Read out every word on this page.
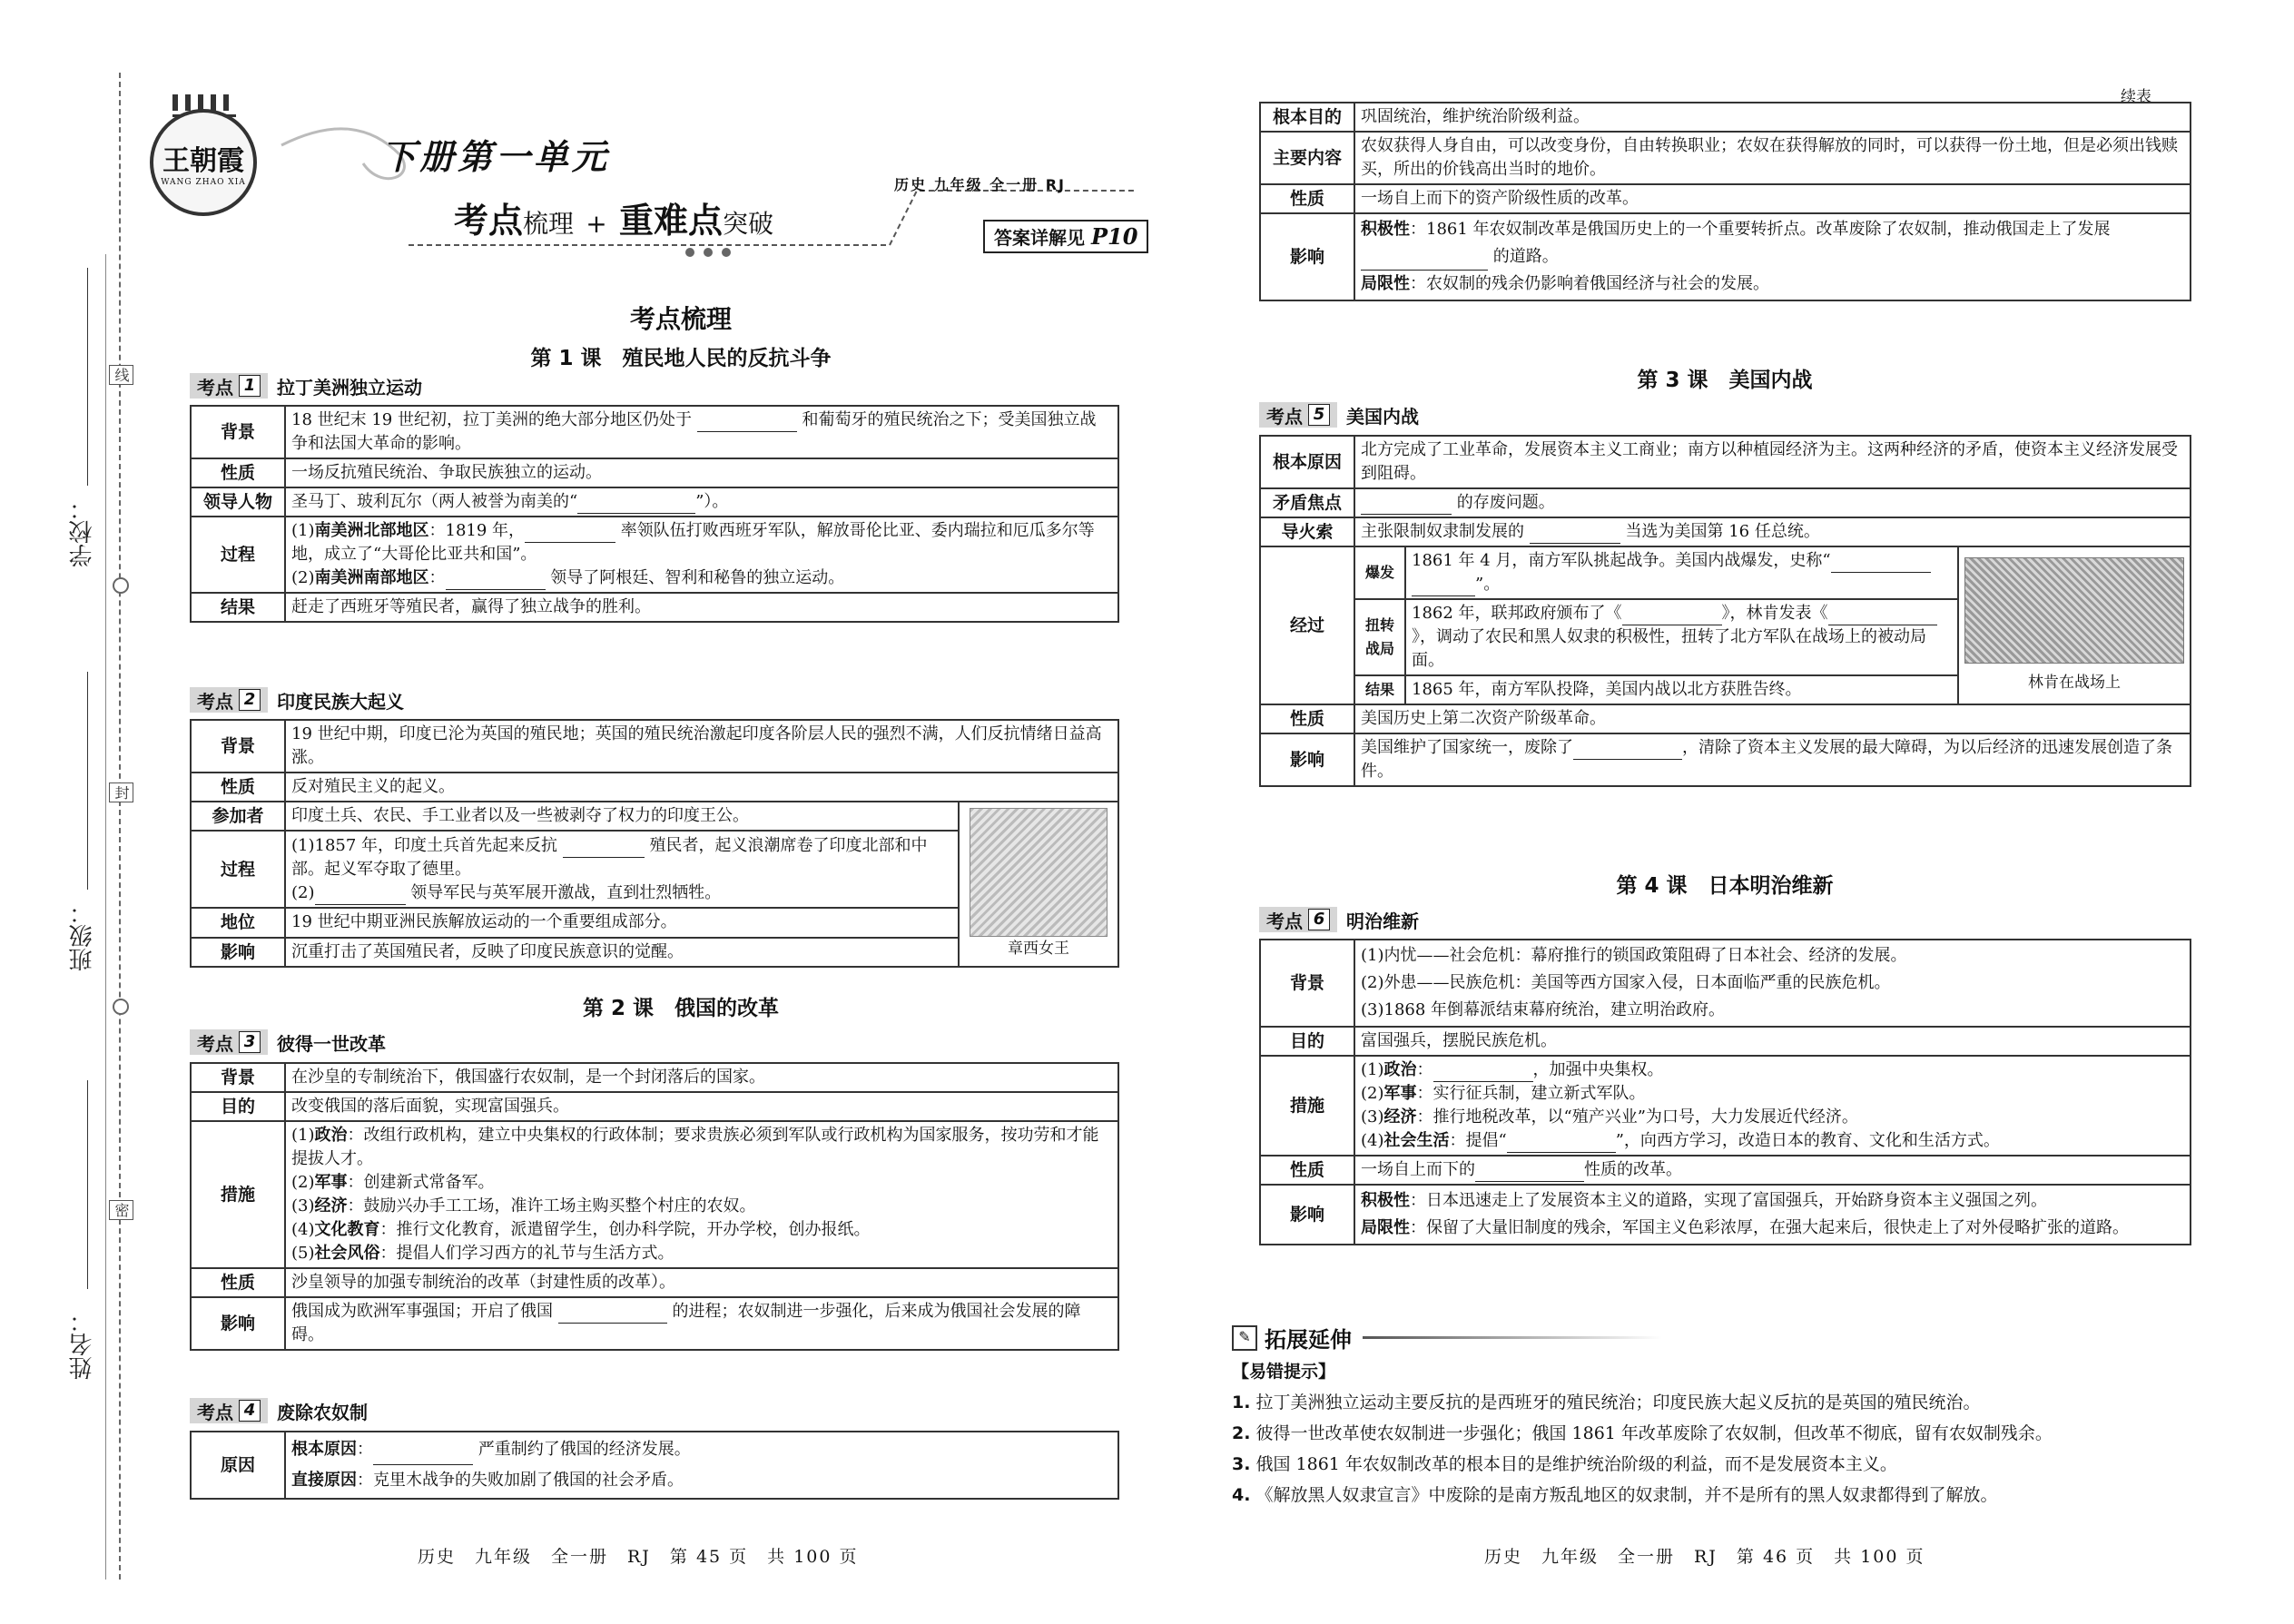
线
封
密
学校：
班级：
姓名：
王朝霞
WANG ZHAO XIA
下册第一单元
考点梳理 + 重难点突破
历史 九年级 全一册 RJ
答案详解见 P10
考点梳理
第 1 课　殖民地人民的反抗斗争
考点 1 拉丁美洲独立运动
背景	18 世纪末 19 世纪初，拉丁美洲的绝大部分地区仍处于 和葡萄牙的殖民统治之下；受美国独立战争和法国大革命的影响。
性质	一场反抗殖民统治、争取民族独立的运动。
领导人物	圣马丁、玻利瓦尔（两人被誉为南美的“ ”）。
过程	(1)南美洲北部地区：1819 年， 率领队伍打败西班牙军队，解放哥伦比亚、委内瑞拉和厄瓜多尔等地，成立了“大哥伦比亚共和国”。
(2)南美洲南部地区： 领导了阿根廷、智利和秘鲁的独立运动。
结果	赶走了西班牙等殖民者，赢得了独立战争的胜利。
考点 2 印度民族大起义
背景	19 世纪中期，印度已沦为英国的殖民地；英国的殖民统治激起印度各阶层人民的强烈不满，人们反抗情绪日益高涨。	
性质	反对殖民主义的起义。	
参加者	印度土兵、农民、手工业者以及一些被剥夺了权力的印度王公。	章西女王

过程	(1)1857 年，印度土兵首先起来反抗 殖民者，起义浪潮席卷了印度北部和中部。起义军夺取了德里。
(2) 领导军民与英军展开激战，直到壮烈牺牲。	
地位	19 世纪中期亚洲民族解放运动的一个重要组成部分。	
影响	沉重打击了英国殖民者，反映了印度民族意识的觉醒。	
第 2 课　俄国的改革
考点 3 彼得一世改革
背景	在沙皇的专制统治下，俄国盛行农奴制，是一个封闭落后的国家。
目的	改变俄国的落后面貌，实现富国强兵。
措施	(1)政治：改组行政机构，建立中央集权的行政体制；要求贵族必须到军队或行政机构为国家服务，按功劳和才能提拔人才。
(2)军事：创建新式常备军。
(3)经济：鼓励兴办手工工场，准许工场主购买整个村庄的农奴。
(4)文化教育：推行文化教育，派遣留学生，创办科学院，开办学校，创办报纸。
(5)社会风俗：提倡人们学习西方的礼节与生活方式。
性质	沙皇领导的加强专制统治的改革（封建性质的改革）。
影响	俄国成为欧洲军事强国；开启了俄国 的进程；农奴制进一步强化，后来成为俄国社会发展的障碍。
考点 4 废除农奴制
原因	根本原因：	严重制约了俄国的经济发展。
直接原因：克里木战争的失败加剧了俄国的社会矛盾。
历史　九年级　全一册　RJ　第 45 页　共 100 页
续表
根本目的	巩固统治，维护统治阶级利益。
主要内容	农奴获得人身自由，可以改变身份，自由转换职业；农奴在获得解放的同时，可以获得一份土地，但是必须出钱赎买，所出的价钱高出当时的地价。
性质	一场自上而下的资产阶级性质的改革。
影响	积极性：1861 年农奴制改革是俄国历史上的一个重要转折点。改革废除了农奴制，推动俄国走上了发展  的道路。
局限性：农奴制的残余仍影响着俄国经济与社会的发展。
第 3 课　美国内战
考点 5 美国内战
根本原因	北方完成了工业革命，发展资本主义工商业；南方以种植园经济为主。这两种经济的矛盾，使资本主义经济发展受到阻碍。		
矛盾焦点	的存废问题。		
导火索	主张限制奴隶制发展的 当选为美国第 16 任总统。		
经过	爆发	1861 年 4 月，南方军队挑起战争。美国内战爆发，史称“
”。	林肯在战场上

	扭转战局	1862 年，联邦政府颁布了《 》，林肯发表《》，调动了农民和黑人奴隶的积极性，扭转了北方军队在战场上的被动局面。	
	结果	1865 年，南方军队投降，美国内战以北方获胜告终。	
性质	美国历史上第二次资产阶级革命。		
影响	美国维护了国家统一，废除了 ，清除了资本主义发展的最大障碍，为以后经济的迅速发展创造了条件。		
第 4 课　日本明治维新
考点 6 明治维新
背景	(1)内忧——社会危机：幕府推行的锁国政策阻碍了日本社会、经济的发展。
(2)外患——民族危机：美国等西方国家入侵，日本面临严重的民族危机。
(3)1868 年倒幕派结束幕府统治，建立明治政府。
目的	富国强兵，摆脱民族危机。
措施	(1)政治： ，加强中央集权。
(2)军事：实行征兵制，建立新式军队。
(3)经济：推行地税改革，以“殖产兴业”为口号，大力发展近代经济。
(4)社会生活：提倡“ ”，向西方学习，改造日本的教育、文化和生活方式。
性质	一场自上而下的 性质的改革。
影响	积极性：日本迅速走上了发展资本主义的道路，实现了富国强兵，开始跻身资本主义强国之列。
局限性：保留了大量旧制度的残余，军国主义色彩浓厚，在强大起来后，很快走上了对外侵略扩张的道路。
✎ 拓展延伸
【易错提示】
1. 拉丁美洲独立运动主要反抗的是西班牙的殖民统治；印度民族大起义反抗的是英国的殖民统治。
2. 彼得一世改革使农奴制进一步强化；俄国 1861 年改革废除了农奴制，但改革不彻底，留有农奴制残余。
3. 俄国 1861 年农奴制改革的根本目的是维护统治阶级的利益，而不是发展资本主义。
4. 《解放黑人奴隶宣言》中废除的是南方叛乱地区的奴隶制，并不是所有的黑人奴隶都得到了解放。
历史　九年级　全一册　RJ　第 46 页　共 100 页
